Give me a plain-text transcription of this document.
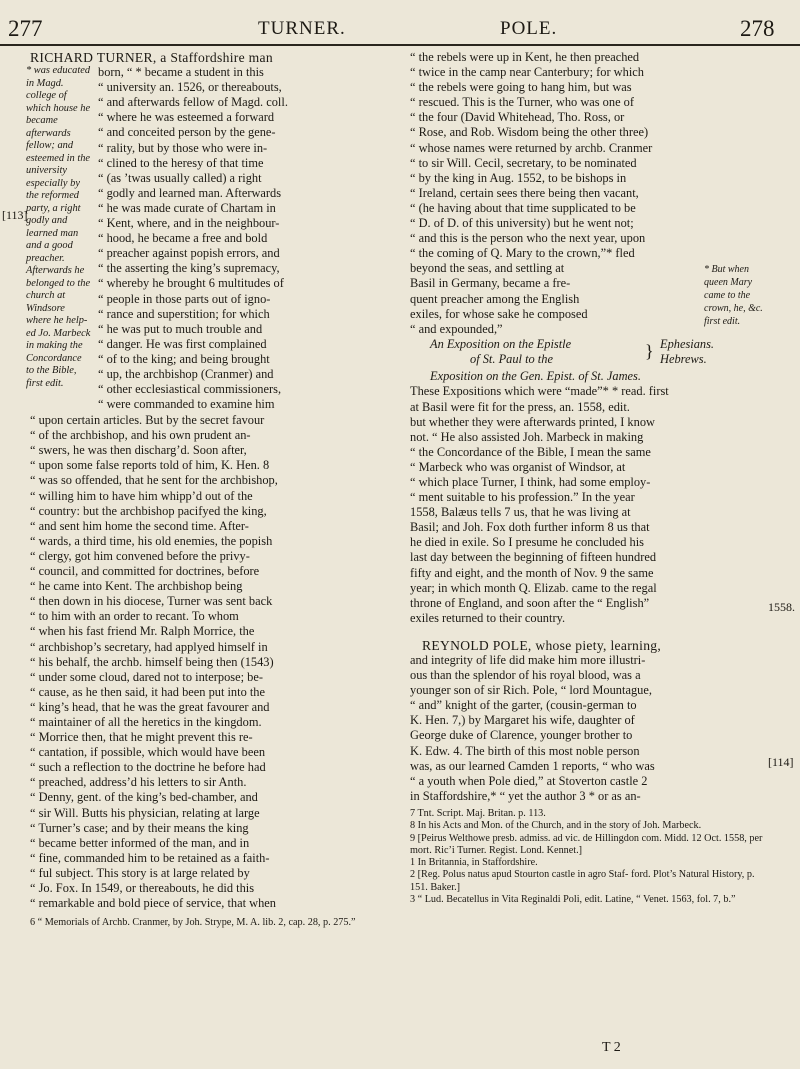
277	TURNER.	POLE.	278
[113]
1558.
[114]
RICHARD TURNER, a Staffordshire man
* was educated in Magd. college of which house he became afterwards fellow; and esteemed in the university especially by the reformed party, a right godly and learned man and a good preacher. Afterwards he belonged to the church at Windsore where he help- ed Jo. Marbeck in making the Concordance to the Bible, first edit.
born, “ * became a student in this
“ university an. 1526, or thereabouts,
“ and afterwards fellow of Magd. coll.
“ where he was esteemed a forward
“ and conceited person by the gene-
“ rality, but by those who were in-
“ clined to the heresy of that time
“ (as ’twas usually called) a right
“ godly and learned man. Afterwards
“ he was made curate of Chartam in
“ Kent, where, and in the neighbour-
“ hood, he became a free and bold
“ preacher against popish errors, and
“ the asserting the king’s supremacy,
“ whereby he brought 6 multitudes of
“ people in those parts out of igno-
“ rance and superstition; for which
“ he was put to much trouble and
“ danger. He was first complained
“ of to the king; and being brought
“ up, the archbishop (Cranmer) and
“ other ecclesiastical commissioners,
“ were commanded to examine him
“ upon certain articles. But by the secret favour
“ of the archbishop, and his own prudent an-
“ swers, he was then discharg’d. Soon after,
“ upon some false reports told of him, K. Hen. 8
“ was so offended, that he sent for the archbishop,
“ willing him to have him whipp’d out of the
“ country: but the archbishop pacifyed the king,
“ and sent him home the second time. After-
“ wards, a third time, his old enemies, the popish
“ clergy, got him convened before the privy-
“ council, and committed for doctrines, before
“ he came into Kent. The archbishop being
“ then down in his diocese, Turner was sent back
“ to him with an order to recant. To whom
“ when his fast friend Mr. Ralph Morrice, the
“ archbishop’s secretary, had applyed himself in
“ his behalf, the archb. himself being then (1543)
“ under some cloud, dared not to interpose; be-
“ cause, as he then said, it had been put into the
“ king’s head, that he was the great favourer and
“ maintainer of all the heretics in the kingdom.
“ Morrice then, that he might prevent this re-
“ cantation, if possible, which would have been
“ such a reflection to the doctrine he before had
“ preached, address’d his letters to sir Anth.
“ Denny, gent. of the king’s bed-chamber, and
“ sir Will. Butts his physician, relating at large
“ Turner’s case; and by their means the king
“ became better informed of the man, and in
“ fine, commanded him to be retained as a faith-
“ ful subject. This story is at large related by
“ Jo. Fox. In 1549, or thereabouts, he did this
“ remarkable and bold piece of service, that when
6 “ Memorials of Archb. Cranmer, by Joh. Strype, M. A. lib. 2, cap. 28, p. 275.”
“ the rebels were up in Kent, he then preached
“ twice in the camp near Canterbury; for which
“ the rebels were going to hang him, but was
“ rescued. This is the Turner, who was one of
“ the four (David Whitehead, Tho. Ross, or
“ Rose, and Rob. Wisdom being the other three)
“ whose names were returned by archb. Cranmer
“ to sir Will. Cecil, secretary, to be nominated
“ by the king in Aug. 1552, to be bishops in
“ Ireland, certain sees there being then vacant,
“ (he having about that time supplicated to be
“ D. of D. of this university) but he went not;
“ and this is the person who the next year, upon
“ the coming of Q. Mary to the crown,”* fled
beyond the seas, and settling at
Basil in Germany, became a fre-
quent preacher among the English
exiles, for whose sake he composed
“ and expounded,”
* But when
queen Mary
came to the
crown, he, &c.
first edit.
An Exposition on the Epistle	} Ephesians.
of St. Paul to the	Hebrews.
Exposition on the Gen. Epist. of St. James.
These Expositions which were “made”* * read. first
at Basil were fit for the press, an. 1558, edit.
but whether they were afterwards printed, I know
not. “ He also assisted Joh. Marbeck in making
“ the Concordance of the Bible, I mean the same
“ Marbeck who was organist of Windsor, at
“ which place Turner, I think, had some employ-
“ ment suitable to his profession.” In the year
1558, Balæus tells 7 us, that he was living at
Basil; and Joh. Fox doth further inform 8 us that
he died in exile. So I presume he concluded his
last day between the beginning of fifteen hundred
fifty and eight, and the month of Nov. 9 the same
year; in which month Q. Elizab. came to the regal
throne of England, and soon after the “ English”
exiles returned to their country.
REYNOLD POLE, whose piety, learning,
and integrity of life did make him more illustri-
ous than the splendor of his royal blood, was a
younger son of sir Rich. Pole, “ lord Mountague,
“ and” knight of the garter, (cousin-german to
K. Hen. 7,) by Margaret his wife, daughter of
George duke of Clarence, younger brother to
K. Edw. 4. The birth of this most noble person
was, as our learned Camden 1 reports, “ who was
“ a youth when Pole died,” at Stoverton castle 2
in Staffordshire,* “ yet the author 3 * or as an-
7 Tnt. Script. Maj. Britan. p. 113.
8 In his Acts and Mon. of the Church, and in the story of Joh. Marbeck.
9 [Peirus Welthowe presb. admiss. ad vic. de Hillingdon com. Midd. 12 Oct. 1558, per mort. Ric’i Turner. Regist. Lond. Kennet.]
1 In Britannia, in Staffordshire.
2 [Reg. Polus natus apud Stourton castle in agro Staf- ford. Plot’s Natural History, p. 151. Baker.]
3 “ Lud. Becatellus in Vita Reginaldi Poli, edit. Latine, “ Venet. 1563, fol. 7, b.”
T 2
